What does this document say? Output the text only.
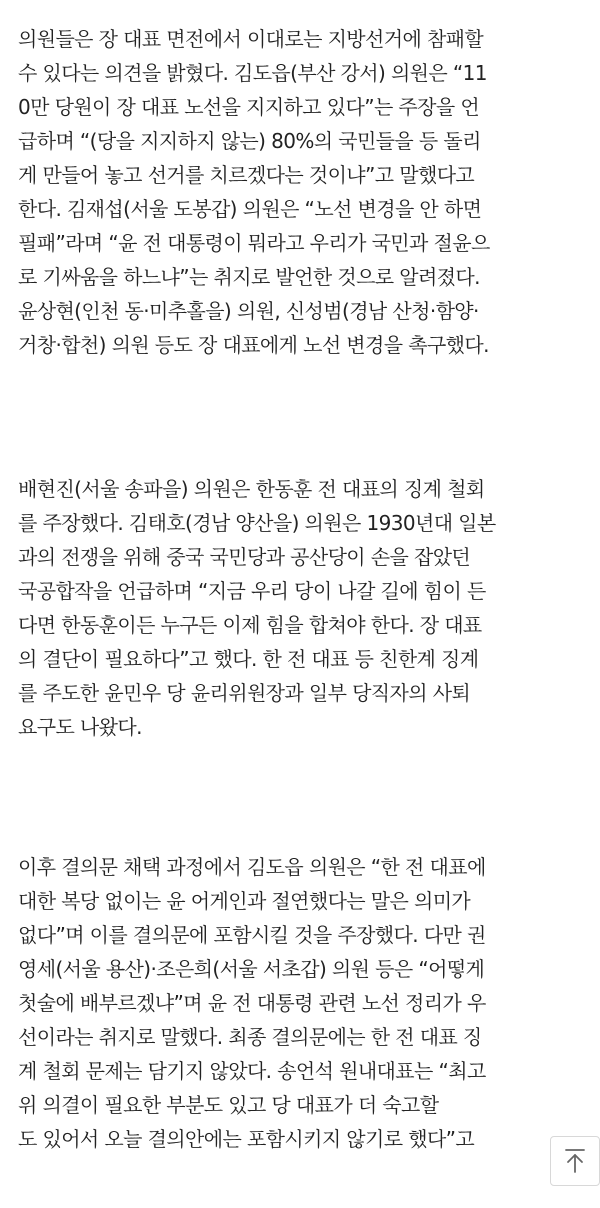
의원들은 장 대표 면전에서 이대로는 지방선거에 참패할
수 있다는 의견을 밝혔다. 김도읍(부산 강서) 의원은 “11
0만 당원이 장 대표 노선을 지지하고 있다”는 주장을 언
급하며 “(당을 지지하지 않는) 80%의 국민들을 등 돌리
게 만들어 놓고 선거를 치르겠다는 것이냐”고 말했다고
한다. 김재섭(서울 도봉갑) 의원은 “노선 변경을 안 하면
필패”라며 “윤 전 대통령이 뭐라고 우리가 국민과 절윤으
로 기싸움을 하느냐”는 취지로 발언한 것으로 알려졌다.
윤상현(인천 동·미추홀을) 의원, 신성범(경남 산청·함양·
거창·합천) 의원 등도 장 대표에게 노선 변경을 촉구했다.
배현진(서울 송파을) 의원은 한동훈 전 대표의 징계 철회
를 주장했다. 김태호(경남 양산을) 의원은 1930년대 일본
과의 전쟁을 위해 중국 국민당과 공산당이 손을 잡았던
국공합작을 언급하며 “지금 우리 당이 나갈 길에 힘이 든
다면 한동훈이든 누구든 이제 힘을 합쳐야 한다. 장 대표
의 결단이 필요하다”고 했다. 한 전 대표 등 친한계 징계
를 주도한 윤민우 당 윤리위원장과 일부 당직자의 사퇴
요구도 나왔다.
이후 결의문 채택 과정에서 김도읍 의원은 “한 전 대표에
대한 복당 없이는 윤 어게인과 절연했다는 말은 의미가
없다”며 이를 결의문에 포함시킬 것을 주장했다. 다만 권
영세(서울 용산)·조은희(서울 서초갑) 의원 등은 “어떻게
첫술에 배부르겠냐”며 윤 전 대통령 관련 노선 정리가 우
선이라는 취지로 말했다. 최종 결의문에는 한 전 대표 징
계 철회 문제는 담기지 않았다. 송언석 원내대표는 “최고
위 의결이 필요한 부분도 있고 당 대표가 더 숙고할
도 있어서 오늘 결의안에는 포함시키지 않기로 했다”고
